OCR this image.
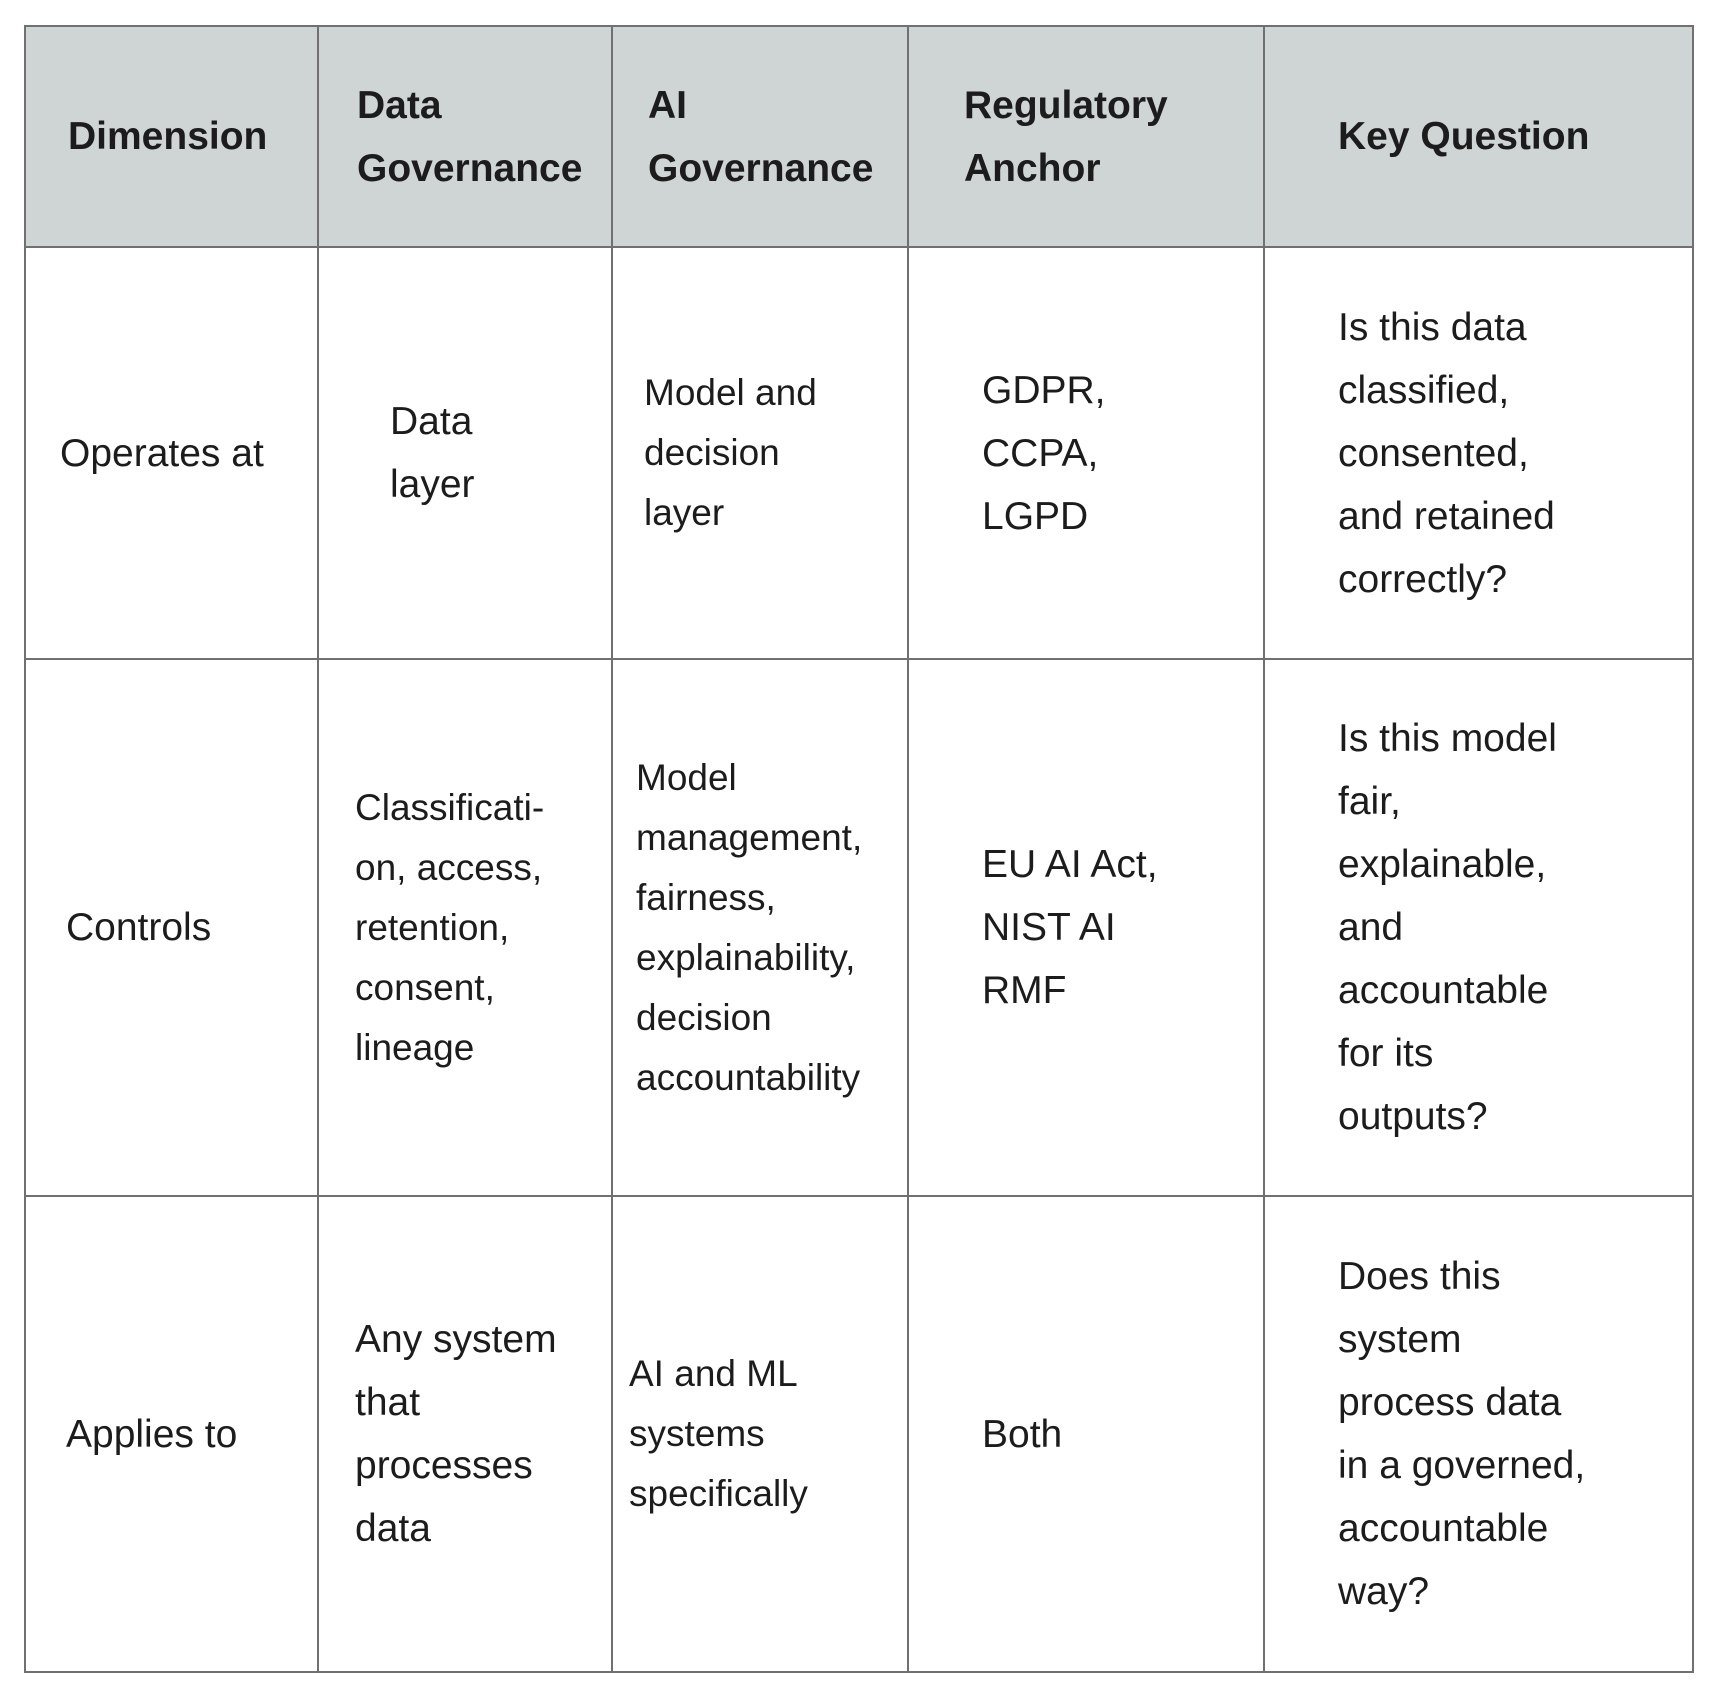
Dimension
Data
Governance
AI
Governance
Regulatory
Anchor
Key Question
Operates at
Data
layer
Model and
decision
layer
GDPR,
CCPA,
LGPD
Is this data
classified,
consented,
and retained
correctly?
Controls
Classificati-
on, access,
retention,
consent,
lineage
Model
management,
fairness,
explainability,
decision
accountability
EU AI Act,
NIST AI
RMF
Is this model
fair,
explainable,
and
accountable
for its
outputs?
Applies to
Any system
that
processes
data
AI and ML
systems
specifically
Both
Does this
system
process data
in a governed,
accountable
way?
